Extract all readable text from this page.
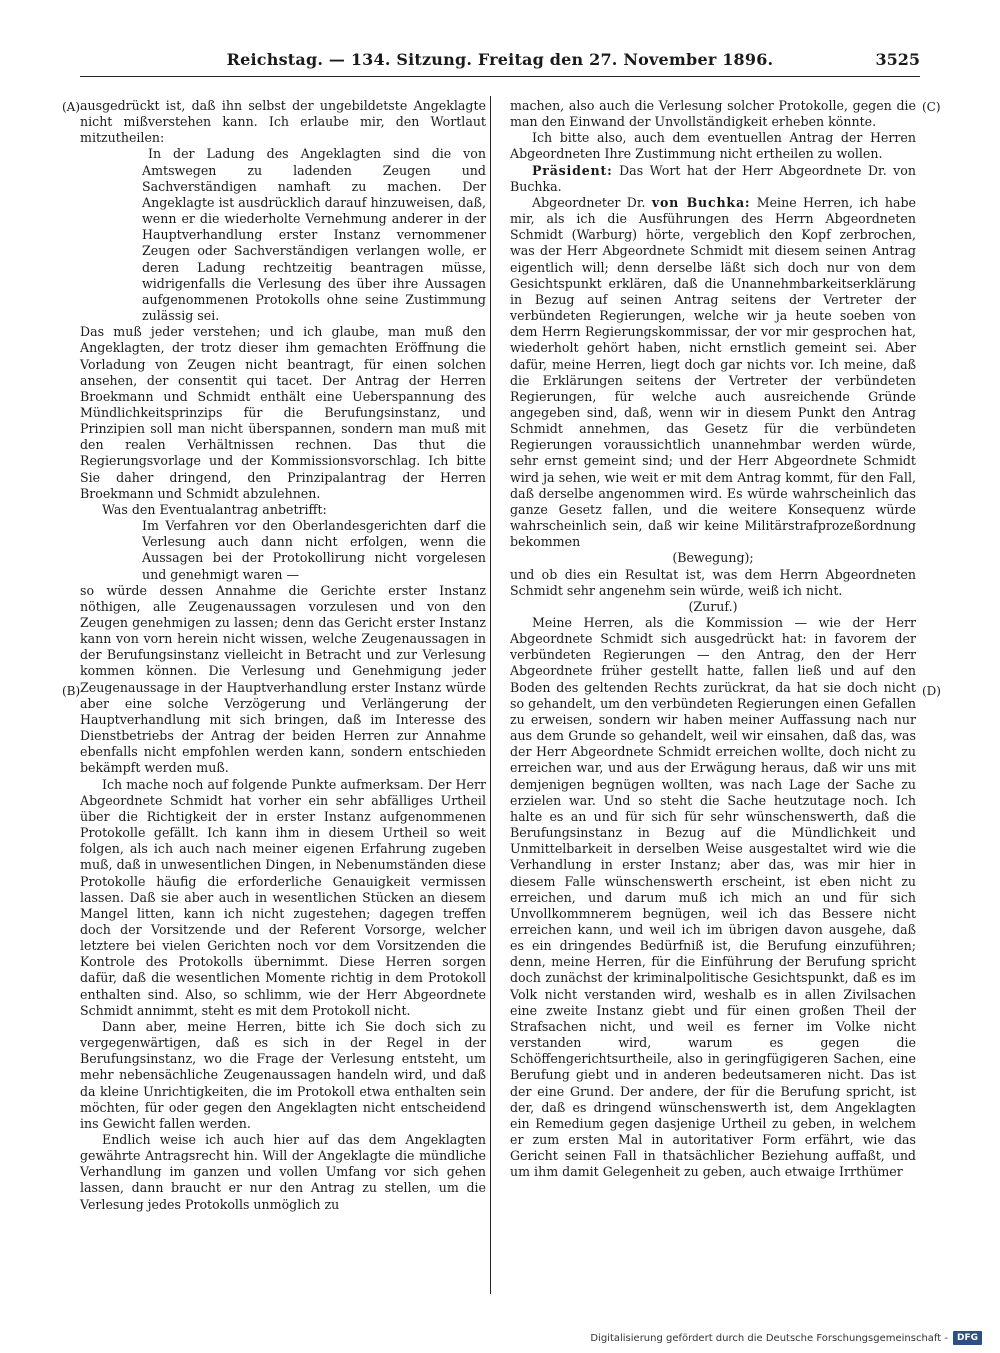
Reichstag. — 134. Sitzung. Freitag den 27. November 1896.	3525
(A)
(B)
(C)
(D)

ausgedrückt ist, daß ihn selbst der ungebildetste Angeklagte nicht mißverstehen kann. Ich erlaube mir, den Wortlaut mitzutheilen:

In der Ladung des Angeklagten sind die von Amtswegen zu ladenden Zeugen und Sachverständigen namhaft zu machen. Der Angeklagte ist ausdrücklich darauf hinzuweisen, daß, wenn er die wiederholte Vernehmung anderer in der Hauptverhandlung erster Instanz vernommener Zeugen oder Sachverständigen verlangen wolle, er deren Ladung rechtzeitig beantragen müsse, widrigenfalls die Verlesung des über ihre Aussagen aufgenommenen Protokolls ohne seine Zustimmung zulässig sei.

Das muß jeder verstehen; und ich glaube, man muß den Angeklagten, der trotz dieser ihm gemachten Eröffnung die Vorladung von Zeugen nicht beantragt, für einen solchen ansehen, der consentit qui tacet. Der Antrag der Herren Broekmann und Schmidt enthält eine Ueberspannung des Mündlichkeitsprinzips für die Berufungsinstanz, und Prinzipien soll man nicht überspannen, sondern man muß mit den realen Verhältnissen rechnen. Das thut die Regierungsvorlage und der Kommissionsvorschlag. Ich bitte Sie daher dringend, den Prinzipalantrag der Herren Broekmann und Schmidt abzulehnen.

Was den Eventualantrag anbetrifft:

Im Verfahren vor den Oberlandesgerichten darf die Verlesung auch dann nicht erfolgen, wenn die Aussagen bei der Protokollirung nicht vorgelesen und genehmigt waren —

so würde dessen Annahme die Gerichte erster Instanz nöthigen, alle Zeugenaussagen vorzulesen und von den Zeugen genehmigen zu lassen; denn das Gericht erster Instanz kann von vorn herein nicht wissen, welche Zeugenaussagen in der Berufungsinstanz vielleicht in Betracht und zur Verlesung kommen können. Die Verlesung und Genehmigung jeder Zeugenaussage in der Hauptverhandlung erster Instanz würde aber eine solche Verzögerung und Verlängerung der Hauptverhandlung mit sich bringen, daß im Interesse des Dienstbetriebs der Antrag der beiden Herren zur Annahme ebenfalls nicht empfohlen werden kann, sondern entschieden bekämpft werden muß.

Ich mache noch auf folgende Punkte aufmerksam. Der Herr Abgeordnete Schmidt hat vorher ein sehr abfälliges Urtheil über die Richtigkeit der in erster Instanz aufgenommenen Protokolle gefällt. Ich kann ihm in diesem Urtheil so weit folgen, als ich auch nach meiner eigenen Erfahrung zugeben muß, daß in unwesentlichen Dingen, in Nebenumständen diese Protokolle häufig die erforderliche Genauigkeit vermissen lassen. Daß sie aber auch in wesentlichen Stücken an diesem Mangel litten, kann ich nicht zugestehen; dagegen treffen doch der Vorsitzende und der Referent Vorsorge, welcher letztere bei vielen Gerichten noch vor dem Vorsitzenden die Kontrole des Protokolls übernimmt. Diese Herren sorgen dafür, daß die wesentlichen Momente richtig in dem Protokoll enthalten sind. Also, so schlimm, wie der Herr Abgeordnete Schmidt annimmt, steht es mit dem Protokoll nicht.

Dann aber, meine Herren, bitte ich Sie doch sich zu vergegenwärtigen, daß es sich in der Regel in der Berufungsinstanz, wo die Frage der Verlesung entsteht, um mehr nebensächliche Zeugenaussagen handeln wird, und daß da kleine Unrichtigkeiten, die im Protokoll etwa enthalten sein möchten, für oder gegen den Angeklagten nicht entscheidend ins Gewicht fallen werden.

Endlich weise ich auch hier auf das dem Angeklagten gewährte Antragsrecht hin. Will der Angeklagte die mündliche Verhandlung im ganzen und vollen Umfang vor sich gehen lassen, dann braucht er nur den Antrag zu stellen, um die Verlesung jedes Protokolls unmöglich zu

machen, also auch die Verlesung solcher Protokolle, gegen die man den Einwand der Unvollständigkeit erheben könnte.

Ich bitte also, auch dem eventuellen Antrag der Herren Abgeordneten Ihre Zustimmung nicht ertheilen zu wollen.

Präsident: Das Wort hat der Herr Abgeordnete Dr. von Buchka.

Abgeordneter Dr. von Buchka: Meine Herren, ich habe mir, als ich die Ausführungen des Herrn Abgeordneten Schmidt (Warburg) hörte, vergeblich den Kopf zerbrochen, was der Herr Abgeordnete Schmidt mit diesem seinen Antrag eigentlich will; denn derselbe läßt sich doch nur von dem Gesichtspunkt erklären, daß die Unannehmbarkeitserklärung in Bezug auf seinen Antrag seitens der Vertreter der verbündeten Regierungen, welche wir ja heute soeben von dem Herrn Regierungskommissar, der vor mir gesprochen hat, wiederholt gehört haben, nicht ernstlich gemeint sei. Aber dafür, meine Herren, liegt doch gar nichts vor. Ich meine, daß die Erklärungen seitens der Vertreter der verbündeten Regierungen, für welche auch ausreichende Gründe angegeben sind, daß, wenn wir in diesem Punkt den Antrag Schmidt annehmen, das Gesetz für die verbündeten Regierungen voraussichtlich unannehmbar werden würde, sehr ernst gemeint sind; und der Herr Abgeordnete Schmidt wird ja sehen, wie weit er mit dem Antrag kommt, für den Fall, daß derselbe angenommen wird. Es würde wahrscheinlich das ganze Gesetz fallen, und die weitere Konsequenz würde wahrscheinlich sein, daß wir keine Militärstrafprozeßordnung bekommen

(Bewegung);

und ob dies ein Resultat ist, was dem Herrn Abgeordneten Schmidt sehr angenehm sein würde, weiß ich nicht.

(Zuruf.)

Meine Herren, als die Kommission — wie der Herr Abgeordnete Schmidt sich ausgedrückt hat: in favorem der verbündeten Regierungen — den Antrag, den der Herr Abgeordnete früher gestellt hatte, fallen ließ und auf den Boden des geltenden Rechts zurückrat, da hat sie doch nicht so gehandelt, um den verbündeten Regierungen einen Gefallen zu erweisen, sondern wir haben meiner Auffassung nach nur aus dem Grunde so gehandelt, weil wir einsahen, daß das, was der Herr Abgeordnete Schmidt erreichen wollte, doch nicht zu erreichen war, und aus der Erwägung heraus, daß wir uns mit demjenigen begnügen wollten, was nach Lage der Sache zu erzielen war. Und so steht die Sache heutzutage noch. Ich halte es an und für sich für sehr wünschenswerth, daß die Berufungsinstanz in Bezug auf die Mündlichkeit und Unmittelbarkeit in derselben Weise ausgestaltet wird wie die Verhandlung in erster Instanz; aber das, was mir hier in diesem Falle wünschenswerth erscheint, ist eben nicht zu erreichen, und darum muß ich mich an und für sich Unvollkommnerem begnügen, weil ich das Bessere nicht erreichen kann, und weil ich im übrigen davon ausgehe, daß es ein dringendes Bedürfniß ist, die Berufung einzuführen; denn, meine Herren, für die Einführung der Berufung spricht doch zunächst der kriminalpolitische Gesichtspunkt, daß es im Volk nicht verstanden wird, weshalb es in allen Zivilsachen eine zweite Instanz giebt und für einen großen Theil der Strafsachen nicht, und weil es ferner im Volke nicht verstanden wird, warum es gegen die Schöffengerichtsurtheile, also in geringfügigeren Sachen, eine Berufung giebt und in anderen bedeutsameren nicht. Das ist der eine Grund. Der andere, der für die Berufung spricht, ist der, daß es dringend wünschenswerth ist, dem Angeklagten ein Remedium gegen dasjenige Urtheil zu geben, in welchem er zum ersten Mal in autoritativer Form erfährt, wie das Gericht seinen Fall in thatsächlicher Beziehung auffaßt, und um ihm damit Gelegenheit zu geben, auch etwaige Irrthümer

Digitalisierung gefördert durch die Deutsche Forschungsgemeinschaft -	DFG
